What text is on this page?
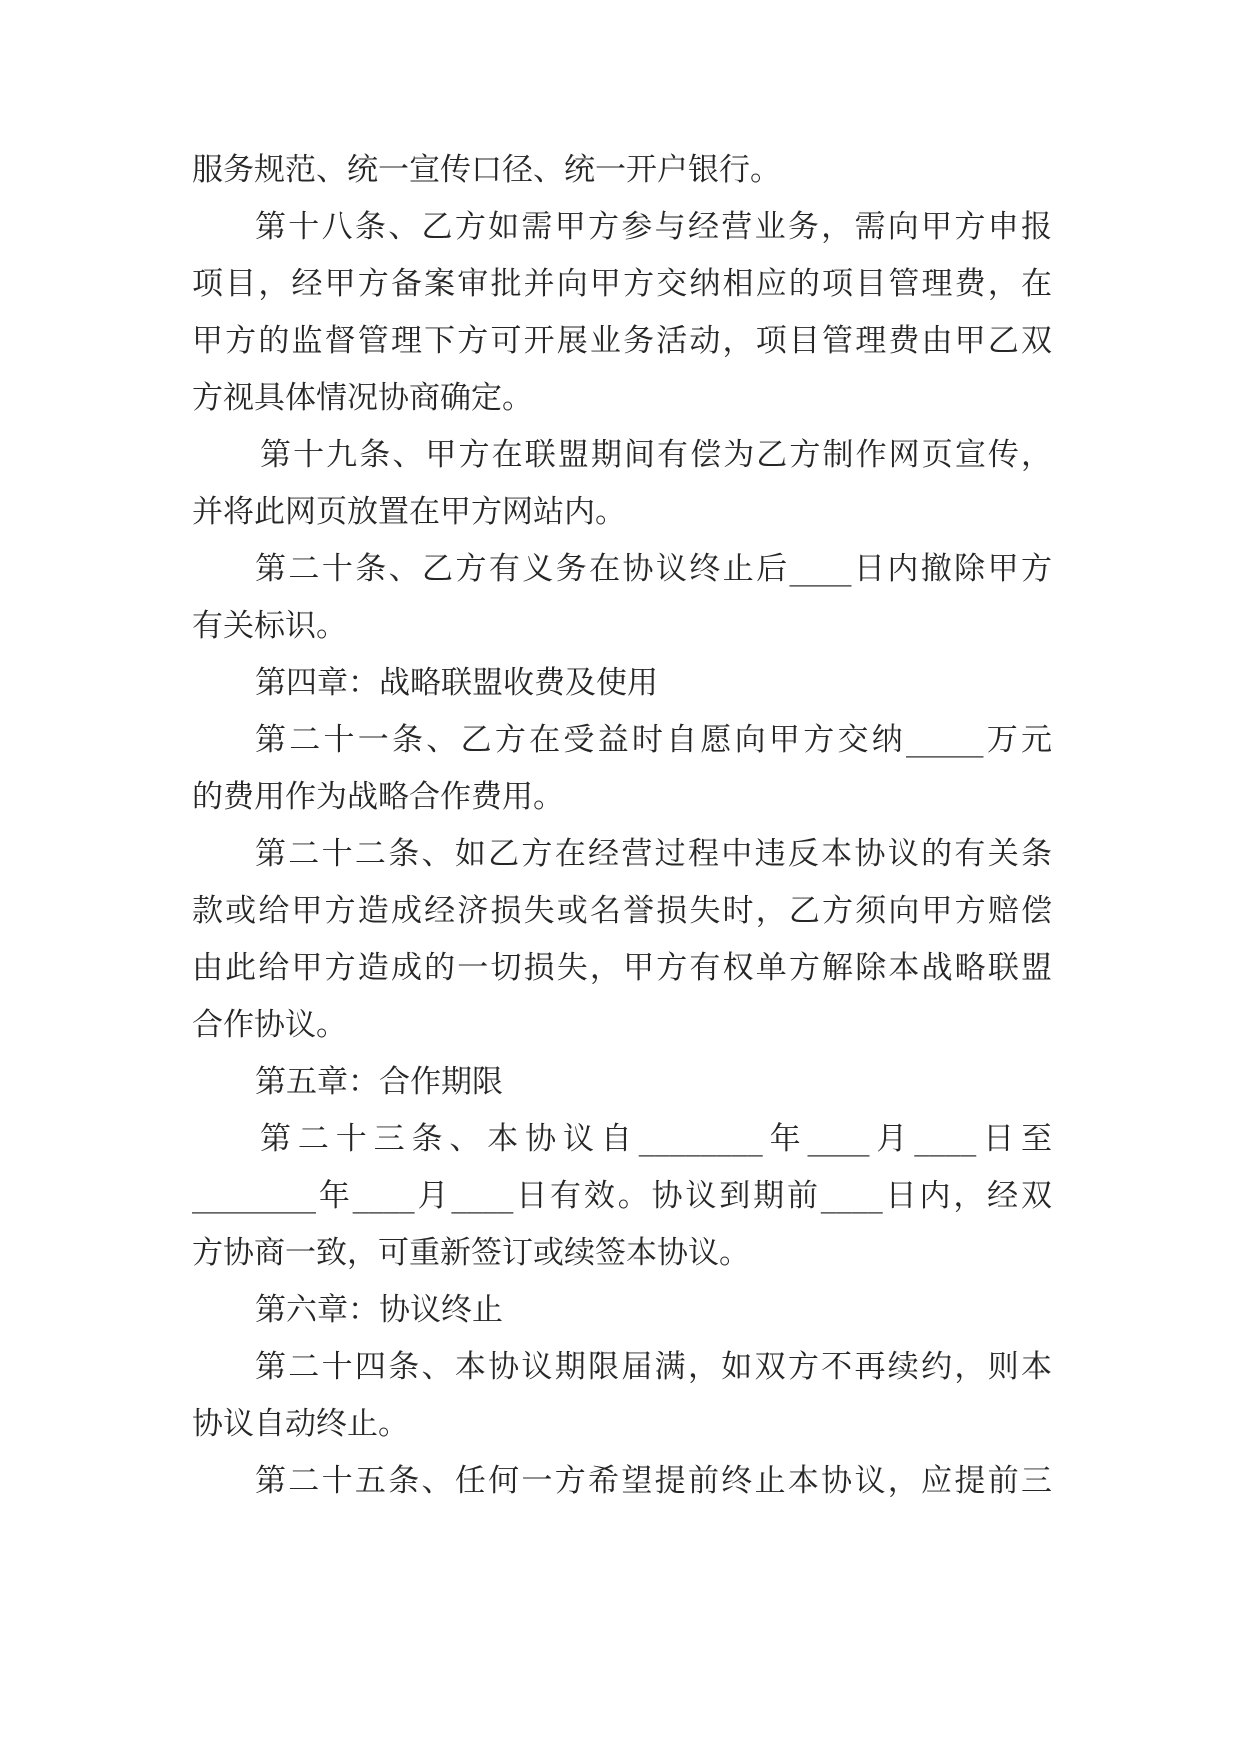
服务规范、统一宣传口径、统一开户银行。
第十八条、乙方如需甲方参与经营业务，需向甲方申报
项目，经甲方备案审批并向甲方交纳相应的项目管理费，在
甲方的监督管理下方可开展业务活动，项目管理费由甲乙双
方视具体情况协商确定。
第十九条、甲方在联盟期间有偿为乙方制作网页宣传，
并将此网页放置在甲方网站内。
第二十条、乙方有义务在协议终止后____日内撤除甲方
有关标识。
第四章：战略联盟收费及使用
第二十一条、乙方在受益时自愿向甲方交纳_____万元
的费用作为战略合作费用。
第二十二条、如乙方在经营过程中违反本协议的有关条
款或给甲方造成经济损失或名誉损失时，乙方须向甲方赔偿
由此给甲方造成的一切损失，甲方有权单方解除本战略联盟
合作协议。
第五章：合作期限
第二十三条、本协议自________年____月____日至
________年____月____日有效。协议到期前____日内，经双
方协商一致，可重新签订或续签本协议。
第六章：协议终止
第二十四条、本协议期限届满，如双方不再续约，则本
协议自动终止。
第二十五条、任何一方希望提前终止本协议，应提前三
